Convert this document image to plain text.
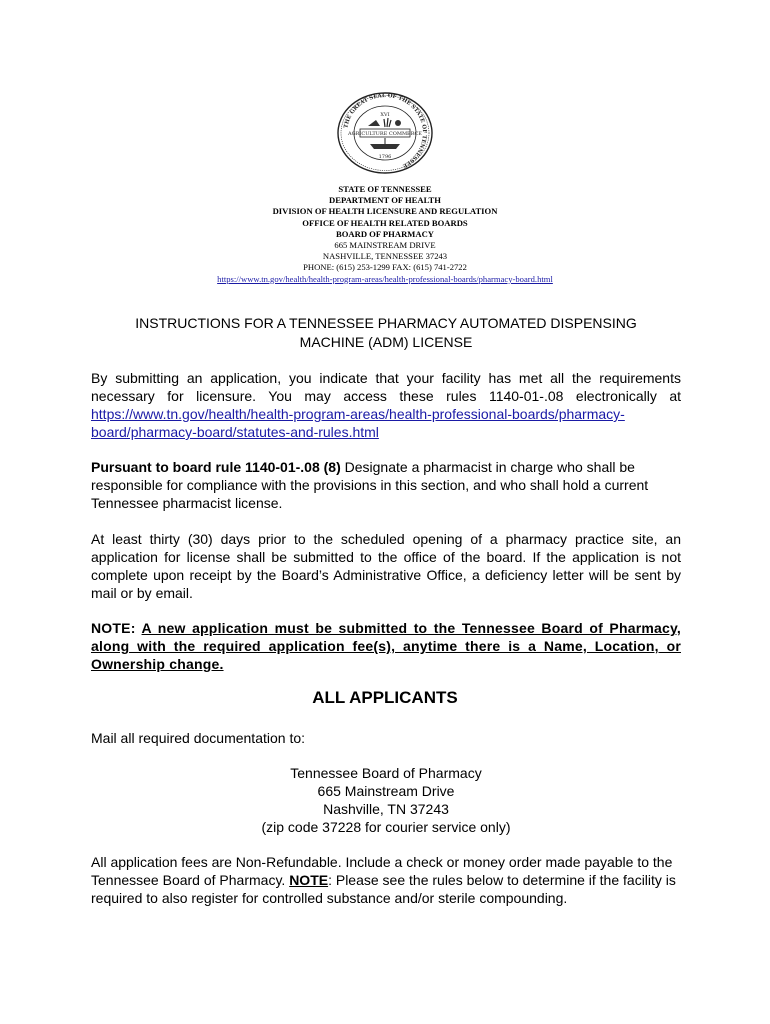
THE GREAT SEAL OF THE STATE OF TENNESSEE
XVI
AGRICULTURE COMMERCE
1796
STATE OF TENNESSEE
DEPARTMENT OF HEALTH
DIVISION OF HEALTH LICENSURE AND REGULATION
OFFICE OF HEALTH RELATED BOARDS
BOARD OF PHARMACY
665 MAINSTREAM DRIVE
NASHVILLE, TENNESSEE 37243
PHONE: (615) 253-1299 FAX: (615) 741-2722
https://www.tn.gov/health/health-program-areas/health-professional-boards/pharmacy-board.html
INSTRUCTIONS FOR A TENNESSEE PHARMACY AUTOMATED DISPENSING
MACHINE (ADM) LICENSE
By submitting an application, you indicate that your facility has met all the requirements necessary for licensure. You may access these rules 1140-01-.08 electronically at https://www.tn.gov/health/health-program-areas/health-professional-boards/pharmacy-board/pharmacy-board/statutes-and-rules.html
Pursuant to board rule 1140-01-.08 (8) Designate a pharmacist in charge who shall be responsible for compliance with the provisions in this section, and who shall hold a current Tennessee pharmacist license.
At least thirty (30) days prior to the scheduled opening of a pharmacy practice site, an application for license shall be submitted to the office of the board. If the application is not complete upon receipt by the Board’s Administrative Office, a deficiency letter will be sent by mail or by email.
NOTE: A new application must be submitted to the Tennessee Board of Pharmacy, along with the required application fee(s), anytime there is a Name, Location, or Ownership change.
ALL APPLICANTS
Mail all required documentation to:
Tennessee Board of Pharmacy
665 Mainstream Drive
Nashville, TN 37243
(zip code 37228 for courier service only)
All application fees are Non-Refundable. Include a check or money order made payable to the Tennessee Board of Pharmacy. NOTE: Please see the rules below to determine if the facility is required to also register for controlled substance and/or sterile compounding.
